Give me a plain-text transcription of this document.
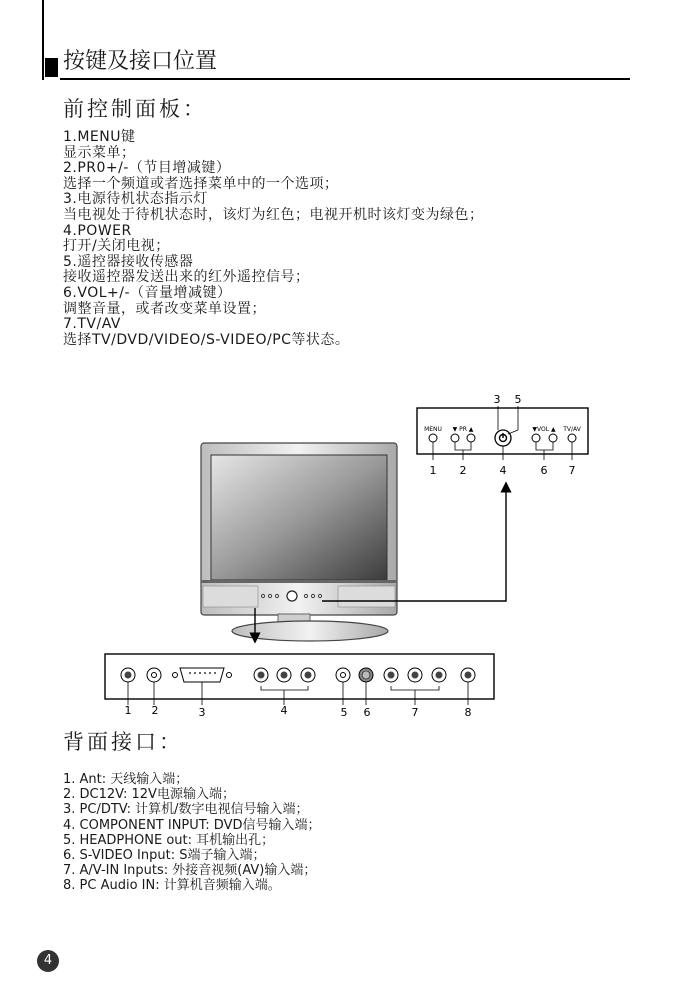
按键及接口位置
前控制面板：
1.MENU键
显示菜单；
2.PR0+/-（节目增减键）
选择一个频道或者选择菜单中的一个选项；
3.电源待机状态指示灯
当电视处于待机状态时，该灯为红色；电视开机时该灯变为绿色；
4.POWER
打开/关闭电视；
5.遥控器接收传感器
接收遥控器发送出来的红外遥控信号；
6.VOL+/-（音量增减键）
调整音量，或者改变菜单设置；
7.TV/AV
选择TV/DVD/VIDEO/S-VIDEO/PC等状态。
MENU ▼ PR ▲	▼VOL ▲ TV/AV
3 5
1 2	4	6 7
1 2	3	4	5 6	7	8
背面接口：
1. Ant: 天线输入端；
2. DC12V: 12V电源输入端；
3. PC/DTV: 计算机/数字电视信号输入端；
4. COMPONENT INPUT: DVD信号输入端；
5. HEADPHONE out: 耳机输出孔；
6. S-VIDEO Input: S端子输入端；
7. A/V-IN Inputs: 外接音视频(AV)输入端；
8. PC Audio IN: 计算机音频输入端。
4
